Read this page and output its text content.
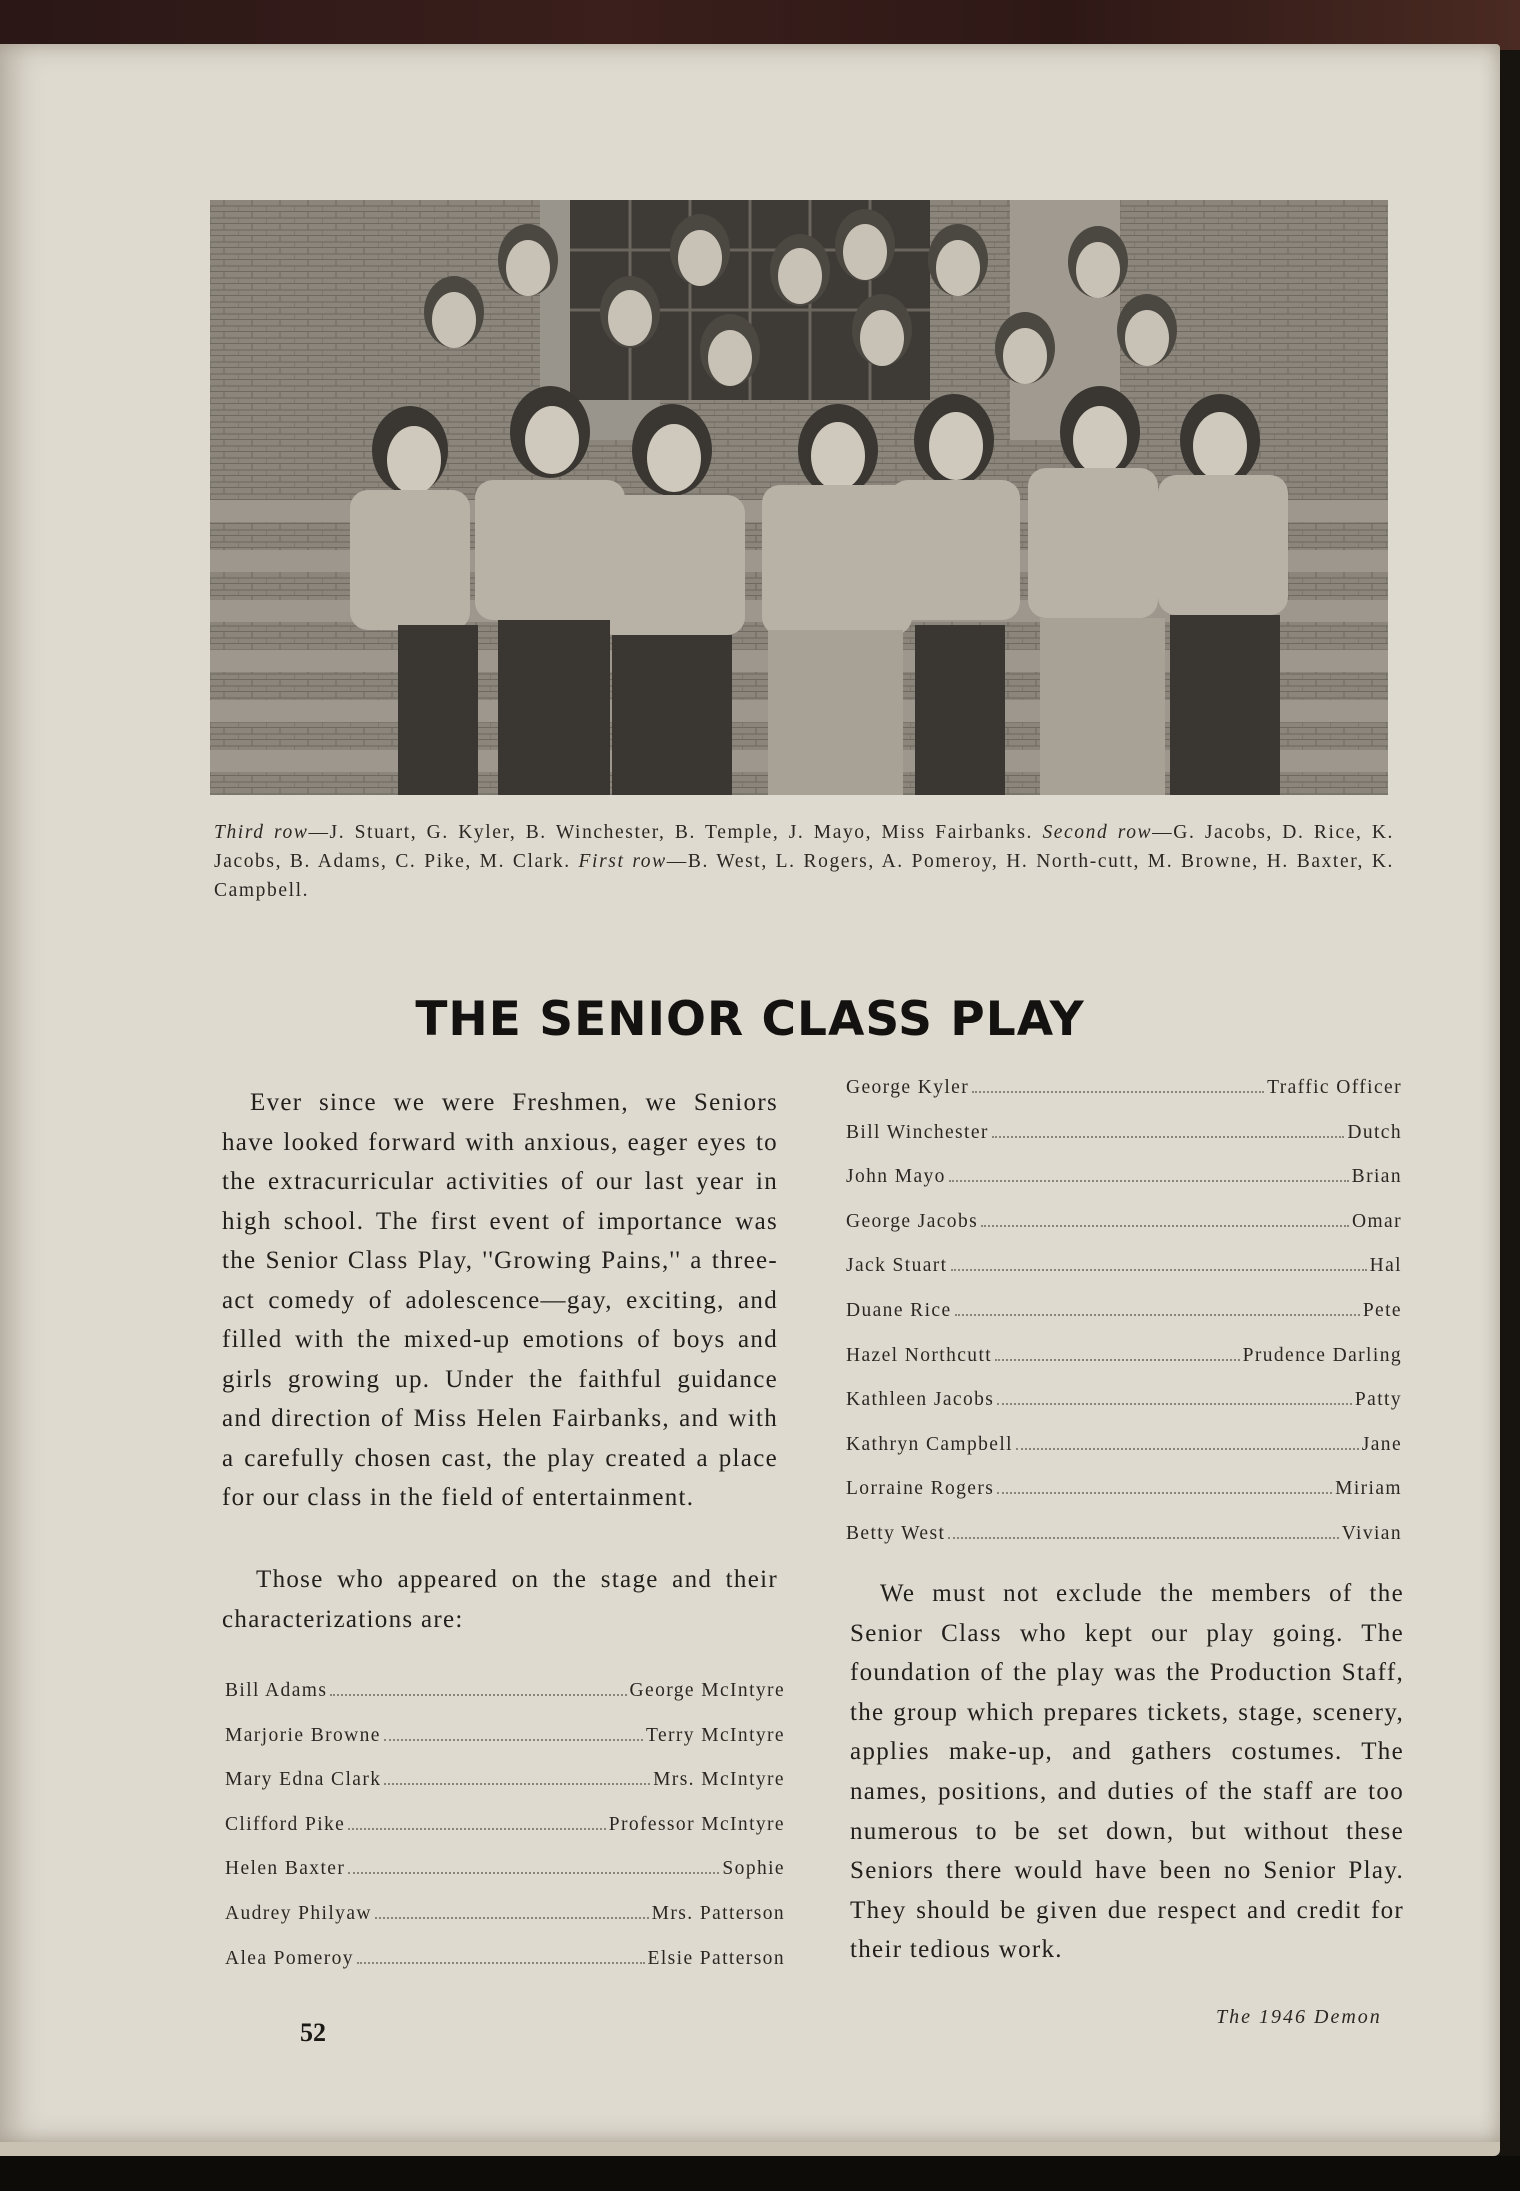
Third row—J. Stuart, G. Kyler, B. Winchester, B. Temple, J. Mayo, Miss Fairbanks. Second row—G. Jacobs, D. Rice, K. Jacobs, B. Adams, C. Pike, M. Clark. First row—B. West, L. Rogers, A. Pomeroy, H. North-cutt, M. Browne, H. Baxter, K. Campbell.
THE SENIOR CLASS PLAY
Ever since we were Freshmen, we Seniors have looked forward with anxious, eager eyes to the extracurricular activities of our last year in high school. The first event of importance was the Senior Class Play, ''Growing Pains,'' a three-act comedy of adolescence—gay, exciting, and filled with the mixed-up emotions of boys and girls growing up. Under the faithful guidance and direction of Miss Helen Fairbanks, and with a carefully chosen cast, the play created a place for our class in the field of entertainment.
Those who appeared on the stage and their characterizations are:
Bill Adams	George McIntyre
Marjorie Browne	Terry McIntyre
Mary Edna Clark	Mrs. McIntyre
Clifford Pike	Professor McIntyre
Helen Baxter	Sophie
Audrey Philyaw	Mrs. Patterson
Alea Pomeroy	Elsie Patterson
George Kyler	Traffic Officer
Bill Winchester	Dutch
John Mayo	Brian
George Jacobs	Omar
Jack Stuart	Hal
Duane Rice	Pete
Hazel Northcutt	Prudence Darling
Kathleen Jacobs	Patty
Kathryn Campbell	Jane
Lorraine Rogers	Miriam
Betty West	Vivian
We must not exclude the members of the Senior Class who kept our play going. The foundation of the play was the Production Staff, the group which prepares tickets, stage, scenery, applies make-up, and gathers costumes. The names, positions, and duties of the staff are too numerous to be set down, but without these Seniors there would have been no Senior Play. They should be given due respect and credit for their tedious work.
52
The 1946 Demon
